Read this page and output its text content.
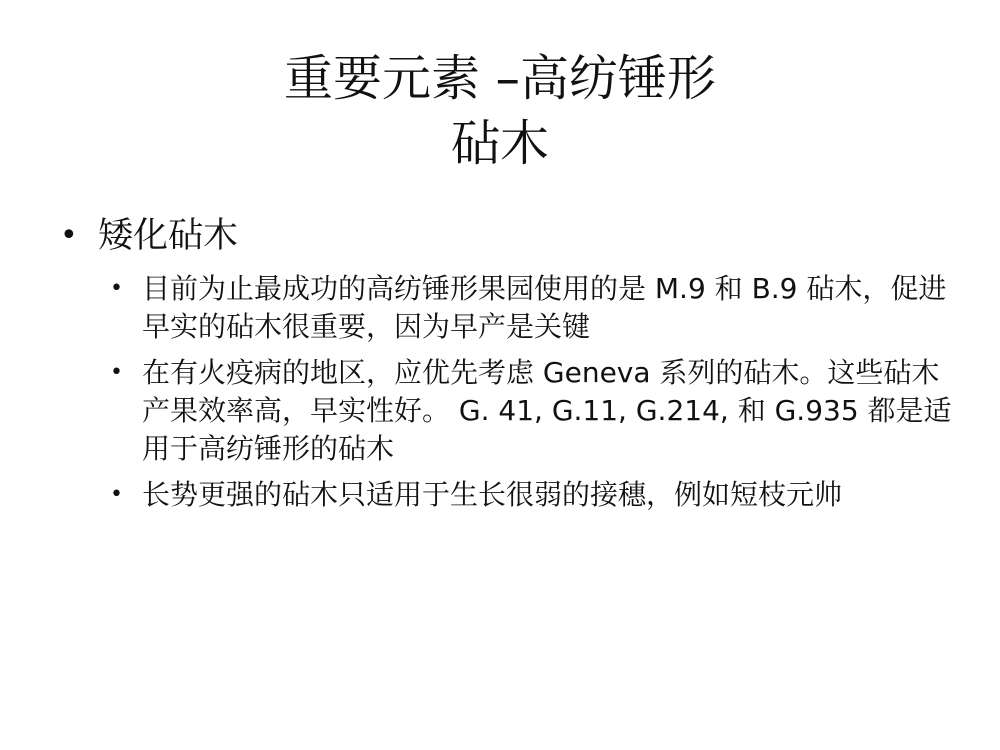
重要元素 –高纺锤形
砧木
• 矮化砧木
• 目前为止最成功的高纺锤形果园使用的是 M.9 和 B.9 砧木，促进早实的砧木很重要，因为早产是关键
• 在有火疫病的地区，应优先考虑 Geneva 系列的砧木。这些砧木产果效率高，早实性好。 G. 41, G.11, G.214, 和 G.935 都是适用于高纺锤形的砧木
• 长势更强的砧木只适用于生长很弱的接穗，例如短枝元帅
